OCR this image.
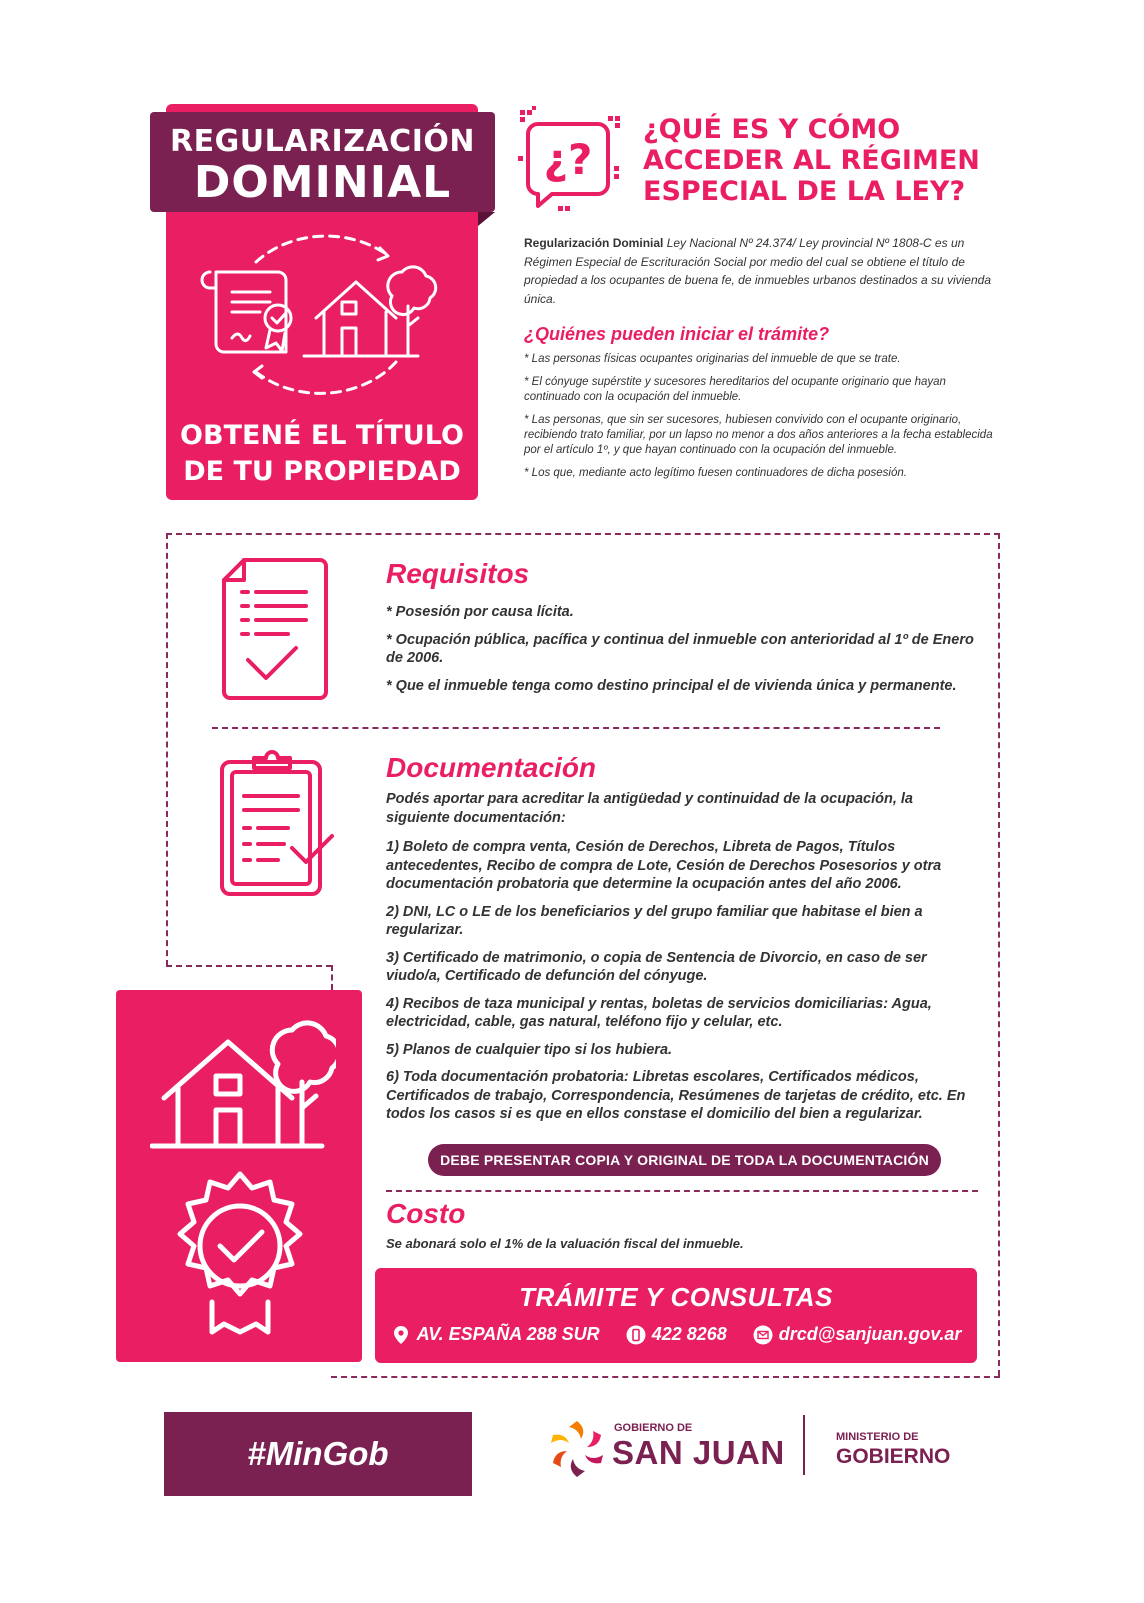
REGULARIZACIÓN
DOMINIAL
OBTENÉ EL TÍTULO
DE TU PROPIEDAD
¿?
¿QUÉ ES Y CÓMO
ACCEDER AL RÉGIMEN
ESPECIAL DE LA LEY?
Regularización Dominial Ley Nacional Nº 24.374/ Ley provincial Nº 1808-C es un Régimen Especial de Escrituración Social por medio del cual se obtiene el título de propiedad a los ocupantes de buena fe, de inmuebles urbanos destinados a su vivienda única.
¿Quiénes pueden iniciar el trámite?

* Las personas físicas ocupantes originarias del inmueble de que se trate.

* El cónyuge supérstite y sucesores hereditarios del ocupante originario que hayan continuado con la ocupación del inmueble.

* Las personas, que sin ser sucesores, hubiesen convivido con el ocupante originario, recibiendo trato familiar, por un lapso no menor a dos años anteriores a la fecha establecida por el artículo 1º, y que hayan continuado con la ocupación del inmueble.

* Los que, mediante acto legítimo fuesen continuadores de dicha posesión.

Requisitos

* Posesión por causa lícita.

* Ocupación pública, pacífica y continua del inmueble con anterioridad al 1º de Enero de 2006.

* Que el inmueble tenga como destino principal el de vivienda única y permanente.

Documentación
Podés aportar para acreditar la antigüedad y continuidad de la ocupación, la siguiente documentación:

1) Boleto de compra venta, Cesión de Derechos, Libreta de Pagos, Títulos antecedentes, Recibo de compra de Lote, Cesión de Derechos Posesorios y otra documentación probatoria que determine la ocupación antes del año 2006.

2) DNI, LC o LE de los beneficiarios y del grupo familiar que habitase el bien a regularizar.

3) Certificado de matrimonio, o copia de Sentencia de Divorcio, en caso de ser viudo/a, Certificado de defunción del cónyuge.

4) Recibos de taza municipal y rentas, boletas de servicios domiciliarias: Agua, electricidad, cable, gas natural, teléfono fijo y celular, etc.

5) Planos de cualquier tipo si los hubiera.

6) Toda documentación probatoria: Libretas escolares, Certificados médicos, Certificados de trabajo, Correspondencia, Resúmenes de tarjetas de crédito, etc. En todos los casos si es que en ellos constase el domicilio del bien a regularizar.

DEBE PRESENTAR COPIA Y ORIGINAL DE TODA LA DOCUMENTACIÓN
Costo
Se abonará solo el 1% de la valuación fiscal del inmueble.
TRÁMITE Y CONSULTAS
AV. ESPAÑA 288 SUR	422 8268	drcd@sanjuan.gov.ar
#MinGob
GOBIERNO DE
SAN JUAN	MINISTERIO DE
GOBIERNO
